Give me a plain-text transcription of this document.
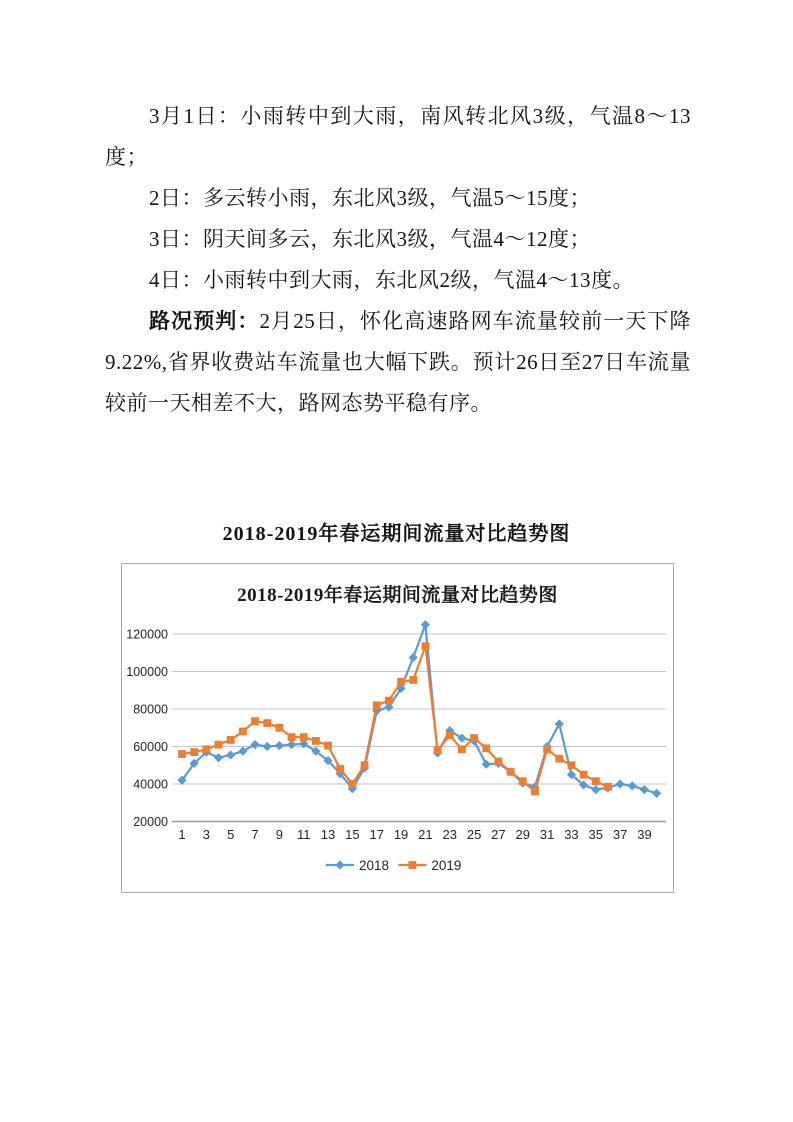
3月1日：小雨转中到大雨，南风转北风3级，气温8～13
度；
2日：多云转小雨，东北风3级，气温5～15度；
3日：阴天间多云，东北风3级，气温4～12度；
4日：小雨转中到大雨，东北风2级，气温4～13度。
路况预判：2月25日，怀化高速路网车流量较前一天下降
9.22%,省界收费站车流量也大幅下跌。预计26日至27日车流量
较前一天相差不大，路网态势平稳有序。
2018-2019年春运期间流量对比趋势图
2018-2019年春运期间流量对比趋势图
20000
40000
60000
80000
100000
120000
1 3 5 7 9 11 13 15 17 19 21 23 25 27 29 31 33 35 37 39
2018	2019
